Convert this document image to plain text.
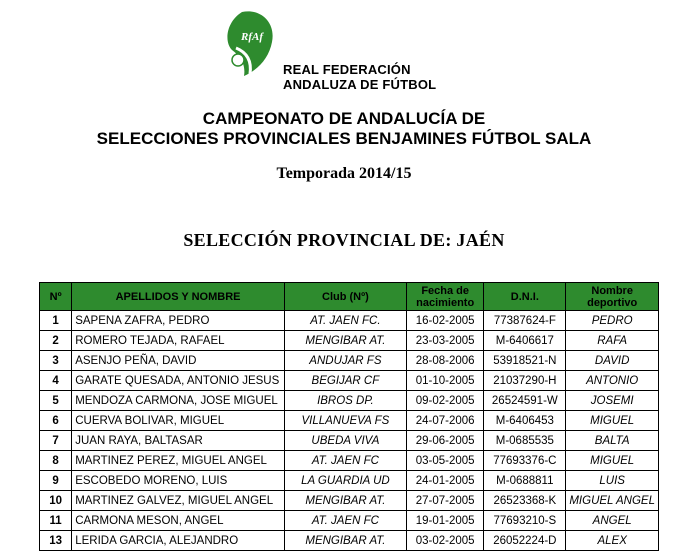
RfAf
REAL FEDERACIÓN
ANDALUZA DE FÚTBOL
CAMPEONATO DE ANDALUCÍA DE
SELECCIONES PROVINCIALES BENJAMINES FÚTBOL SALA
Temporada 2014/15
SELECCIÓN PROVINCIAL DE: JAÉN
Nº	APELLIDOS Y NOMBRE	Club (Nº)	Fecha de nacimiento	D.N.I.	Nombre deportivo
1	SAPENA ZAFRA, PEDRO	AT. JAEN FC.	16-02-2005	77387624-F	PEDRO
2	ROMERO TEJADA, RAFAEL	MENGIBAR AT.	23-03-2005	M-6406617	RAFA
3	ASENJO PEÑA, DAVID	ANDUJAR FS	28-08-2006	53918521-N	DAVID
4	GARATE QUESADA, ANTONIO JESUS	BEGIJAR CF	01-10-2005	21037290-H	ANTONIO
5	MENDOZA CARMONA, JOSE MIGUEL	IBROS DP.	09-02-2005	26524591-W	JOSEMI
6	CUERVA BOLIVAR, MIGUEL	VILLANUEVA FS	24-07-2006	M-6406453	MIGUEL
7	JUAN RAYA, BALTASAR	UBEDA VIVA	29-06-2005	M-0685535	BALTA
8	MARTINEZ PEREZ, MIGUEL ANGEL	AT. JAEN FC	03-05-2005	77693376-C	MIGUEL
9	ESCOBEDO MORENO, LUIS	LA GUARDIA UD	24-01-2005	M-0688811	LUIS
10	MARTINEZ GALVEZ, MIGUEL ANGEL	MENGIBAR AT.	27-07-2005	26523368-K	MIGUEL ANGEL
11	CARMONA MESON, ANGEL	AT. JAEN FC	19-01-2005	77693210-S	ANGEL
13	LERIDA GARCIA, ALEJANDRO	MENGIBAR AT.	03-02-2005	26052224-D	ALEX
